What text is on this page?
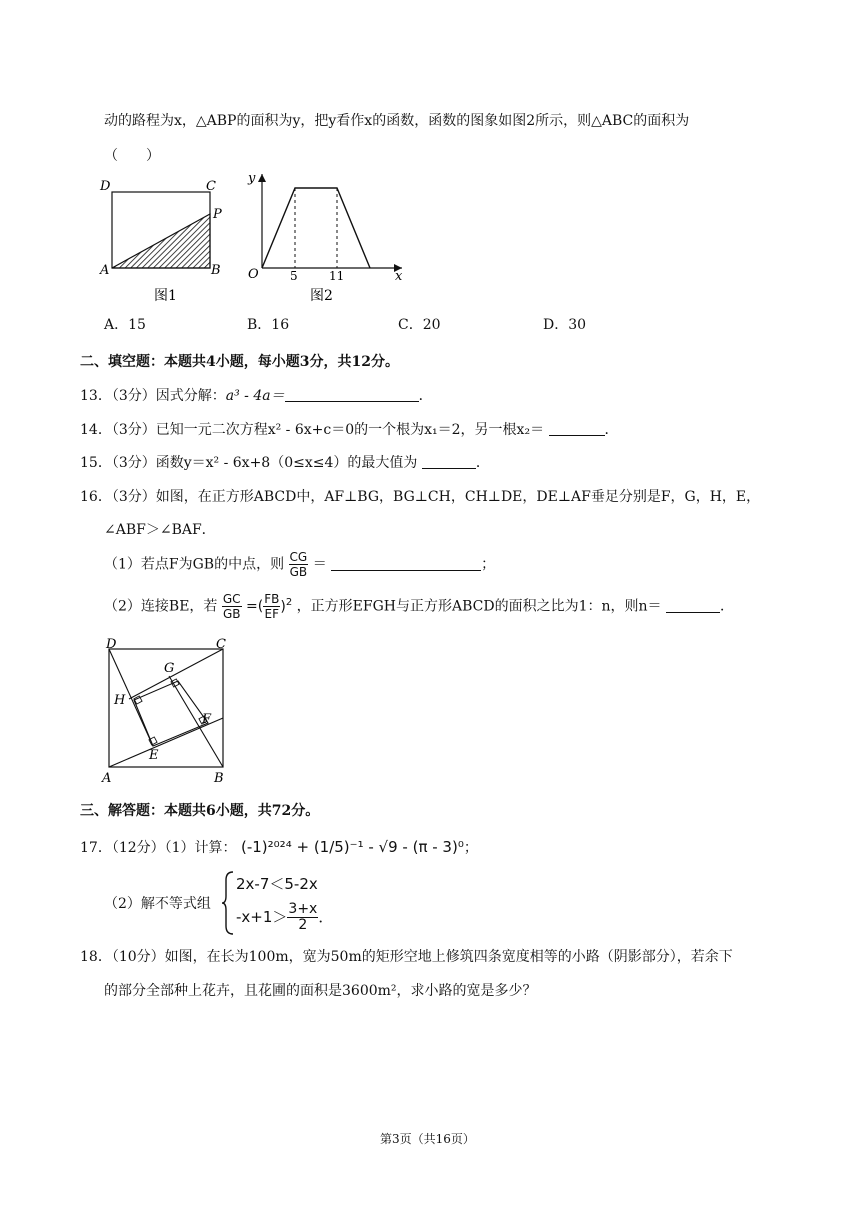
动的路程为x，△ABP的面积为y，把y看作x的函数，函数的图象如图2所示，则△ABC的面积为
（　　）
D	C
P
A	B
图1
y
O	5	11	x
图2
A．15	B．16	C．20	D．30
二、填空题：本题共4小题，每小题3分，共12分。
13．（3分）因式分解：a³ - 4a＝	．
14．（3分）已知一元二次方程x² - 6x+c＝0的一个根为x₁＝2，另一根x₂＝	．
15．（3分）函数y＝x² - 6x+8（0≤x≤4）的最大值为	．
16．（3分）如图，在正方形ABCD中，AF⊥BG，BG⊥CH，CH⊥DE，DE⊥AF垂足分别是F，G，H，E，
∠ABF＞∠BAF．
（1）若点F为GB的中点，则 $\frac{CG}{GB}$ ＝	；
（2）连接BE，若 $\frac{GC}{GB}$ =( $\frac{FB}{EF} )^2$ ，正方形EFGH与正方形ABCD的面积之比为1：n，则n＝	．
D	C
G
H
F
E
A	B
三、解答题：本题共6小题，共72分。
17．（12分）（1）计算： (-1)²⁰²⁴ + (1/5)⁻¹ - √9 - (π - 3)⁰；
（2）解不等式组
2x-7＜5-2x
$-x+1> \frac{3+x}{2}$ ．
18．（10分）如图，在长为100m，宽为50m的矩形空地上修筑四条宽度相等的小路（阴影部分），若余下
的部分全部种上花卉，且花圃的面积是3600m²，求小路的宽是多少？
第3页（共16页）
